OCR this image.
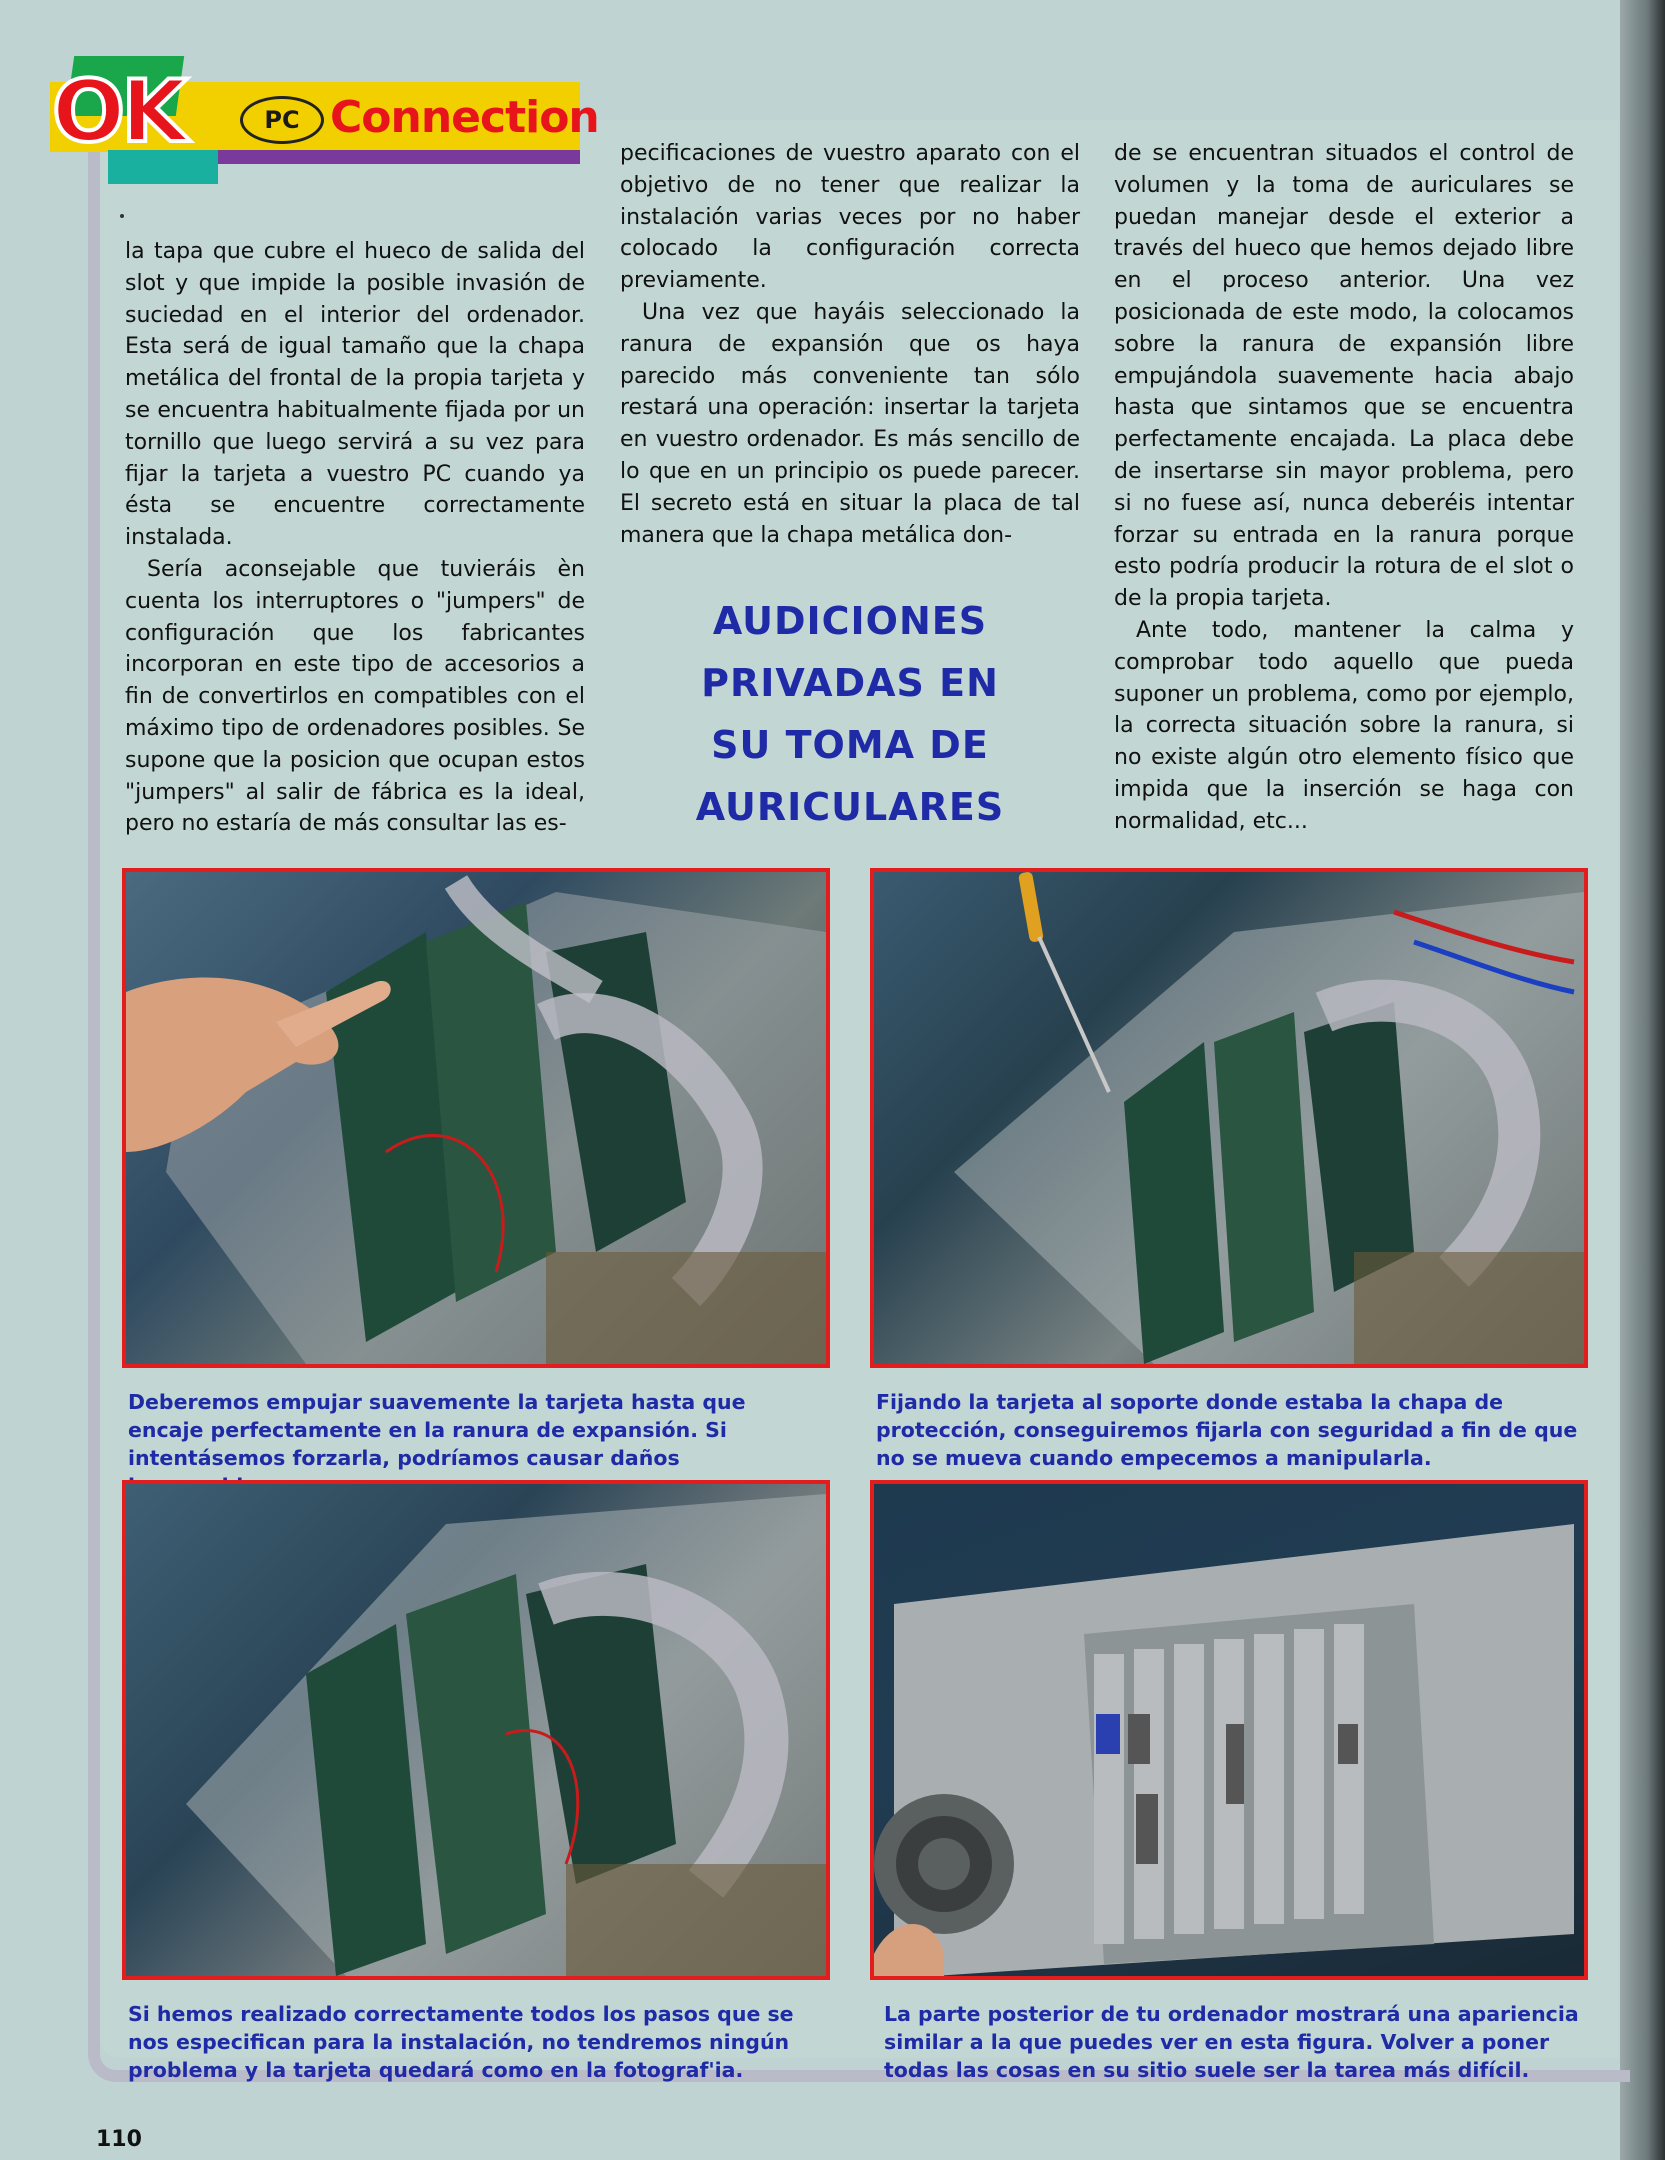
OK	PC Connection

la tapa que cubre el hueco de salida del slot y que impide la posible invasión de suciedad en el interior del ordenador. Esta será de igual tamaño que la chapa metálica del frontal de la propia tarjeta y se encuentra habitualmente fijada por un tornillo que luego servirá a su vez para fijar la tarjeta a vuestro PC cuando ya ésta se encuentre correctamente instalada.

Sería aconsejable que tuvieráis èn cuenta los interruptores o "jumpers" de configuración que los fabricantes incorporan en este tipo de accesorios a fin de convertirlos en compatibles con el máximo tipo de ordenadores posibles. Se supone que la posicion que ocupan estos "jumpers" al salir de fábrica es la ideal, pero no estaría de más consultar las es-

pecificaciones de vuestro aparato con el objetivo de no tener que realizar la instalación varias veces por no haber colocado la configuración correcta previamente.

Una vez que hayáis seleccionado la ranura de expansión que os haya parecido más conveniente tan sólo restará una operación: insertar la tarjeta en vuestro ordenador. Es más sencillo de lo que en un principio os puede parecer. El secreto está en situar la placa de tal manera que la chapa metálica don-

AUDICIONES
PRIVADAS EN
SU TOMA DE
AURICULARES

de se encuentran situados el control de volumen y la toma de auriculares se puedan manejar desde el exterior a través del hueco que hemos dejado libre en el proceso anterior. Una vez posicionada de este modo, la colocamos sobre la ranura de expansión libre empujándola suavemente hacia abajo hasta que sintamos que se encuentra perfectamente encajada. La placa debe de insertarse sin mayor problema, pero si no fuese así, nunca deberéis intentar forzar su entrada en la ranura porque esto podría producir la rotura de el slot o de la propia tarjeta.

Ante todo, mantener la calma y comprobar todo aquello que pueda suponer un problema, como por ejemplo, la correcta situación sobre la ranura, si no existe algún otro elemento físico que impida que la inserción se haga con normalidad, etc...

Deberemos empujar suavemente la tarjeta hasta que encaje perfectamente en la ranura de expansión. Si intentásemos forzarla, podríamos causar daños

Fijando la tarjeta al soporte donde estaba la chapa de protección, conseguiremos fijarla con seguridad a fin de que no se mueva cuando empecemos a manipularla.

Si hemos realizado correctamente todos los pasos que se nos especifican para la instalación, no tendremos ningún problema y la tarjeta quedará como en la fotograf'ia.

La parte posterior de tu ordenador mostrará una apariencia similar a la que puedes ver en esta figura. Volver a poner todas las cosas en su sitio suele ser la tarea más difícil.

110
